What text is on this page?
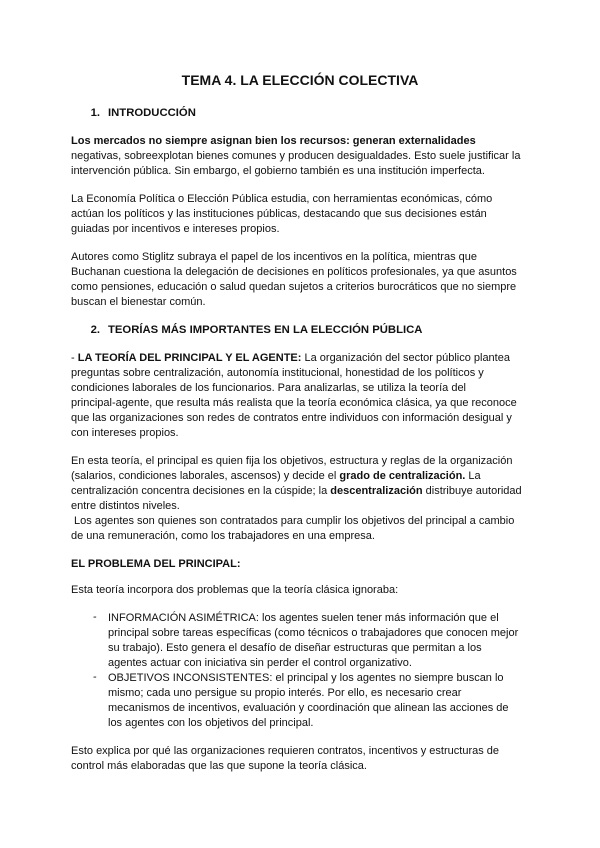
TEMA 4. LA ELECCIÓN COLECTIVA
1. INTRODUCCIÓN
Los mercados no siempre asignan bien los recursos: generan externalidades
negativas, sobreexplotan bienes comunes y producen desigualdades. Esto suele justificar la
intervención pública. Sin embargo, el gobierno también es una institución imperfecta.
La Economía Política o Elección Pública estudia, con herramientas económicas, cómo
actúan los políticos y las instituciones públicas, destacando que sus decisiones están
guiadas por incentivos e intereses propios.
Autores como Stiglitz subraya el papel de los incentivos en la política, mientras que
Buchanan cuestiona la delegación de decisiones en políticos profesionales, ya que asuntos
como pensiones, educación o salud quedan sujetos a criterios burocráticos que no siempre
buscan el bienestar común.
2. TEORÍAS MÁS IMPORTANTES EN LA ELECCIÓN PÚBLICA
- LA TEORÍA DEL PRINCIPAL Y EL AGENTE: La organización del sector público plantea
preguntas sobre centralización, autonomía institucional, honestidad de los políticos y
condiciones laborales de los funcionarios. Para analizarlas, se utiliza la teoría del
principal-agente, que resulta más realista que la teoría económica clásica, ya que reconoce
que las organizaciones son redes de contratos entre individuos con información desigual y
con intereses propios.
En esta teoría, el principal es quien fija los objetivos, estructura y reglas de la organización
(salarios, condiciones laborales, ascensos) y decide el grado de centralización. La
centralización concentra decisiones en la cúspide; la descentralización distribuye autoridad
entre distintos niveles.
Los agentes son quienes son contratados para cumplir los objetivos del principal a cambio
de una remuneración, como los trabajadores en una empresa.
EL PROBLEMA DEL PRINCIPAL:
Esta teoría incorpora dos problemas que la teoría clásica ignoraba:
-	INFORMACIÓN ASIMÉTRICA: los agentes suelen tener más información que el
principal sobre tareas específicas (como técnicos o trabajadores que conocen mejor
su trabajo). Esto genera el desafío de diseñar estructuras que permitan a los
agentes actuar con iniciativa sin perder el control organizativo.
-	OBJETIVOS INCONSISTENTES: el principal y los agentes no siempre buscan lo
mismo; cada uno persigue su propio interés. Por ello, es necesario crear
mecanismos de incentivos, evaluación y coordinación que alinean las acciones de
los agentes con los objetivos del principal.
Esto explica por qué las organizaciones requieren contratos, incentivos y estructuras de
control más elaboradas que las que supone la teoría clásica.
